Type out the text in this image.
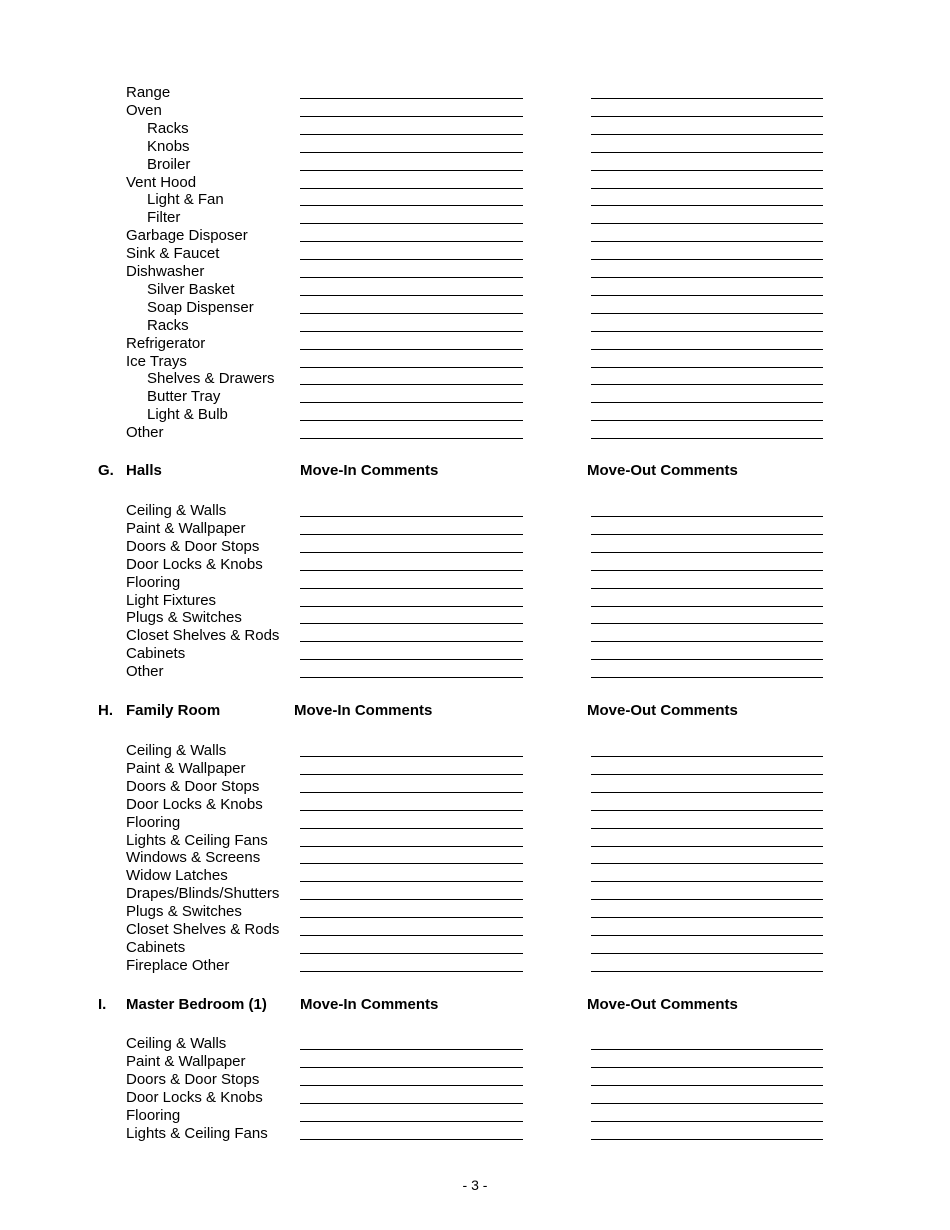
Range
Oven
Racks
Knobs
Broiler
Vent Hood
Light & Fan
Filter
Garbage Disposer
Sink & Faucet
Dishwasher
Silver Basket
Soap Dispenser
Racks
Refrigerator
Ice Trays
Shelves & Drawers
Butter Tray
Light & Bulb
Other
G. Halls	Move-In Comments	Move-Out Comments
Ceiling & Walls
Paint & Wallpaper
Doors & Door Stops
Door Locks & Knobs
Flooring
Light Fixtures
Plugs & Switches
Closet Shelves & Rods
Cabinets
Other
H. Family Room	Move-In Comments	Move-Out Comments
Ceiling & Walls
Paint & Wallpaper
Doors & Door Stops
Door Locks & Knobs
Flooring
Lights & Ceiling Fans
Windows & Screens
Widow Latches
Drapes/Blinds/Shutters
Plugs & Switches
Closet Shelves & Rods
Cabinets
Fireplace Other
I. Master Bedroom (1) Move-In Comments	Move-Out Comments
Ceiling & Walls
Paint & Wallpaper
Doors & Door Stops
Door Locks & Knobs
Flooring
Lights & Ceiling Fans
- 3 -
